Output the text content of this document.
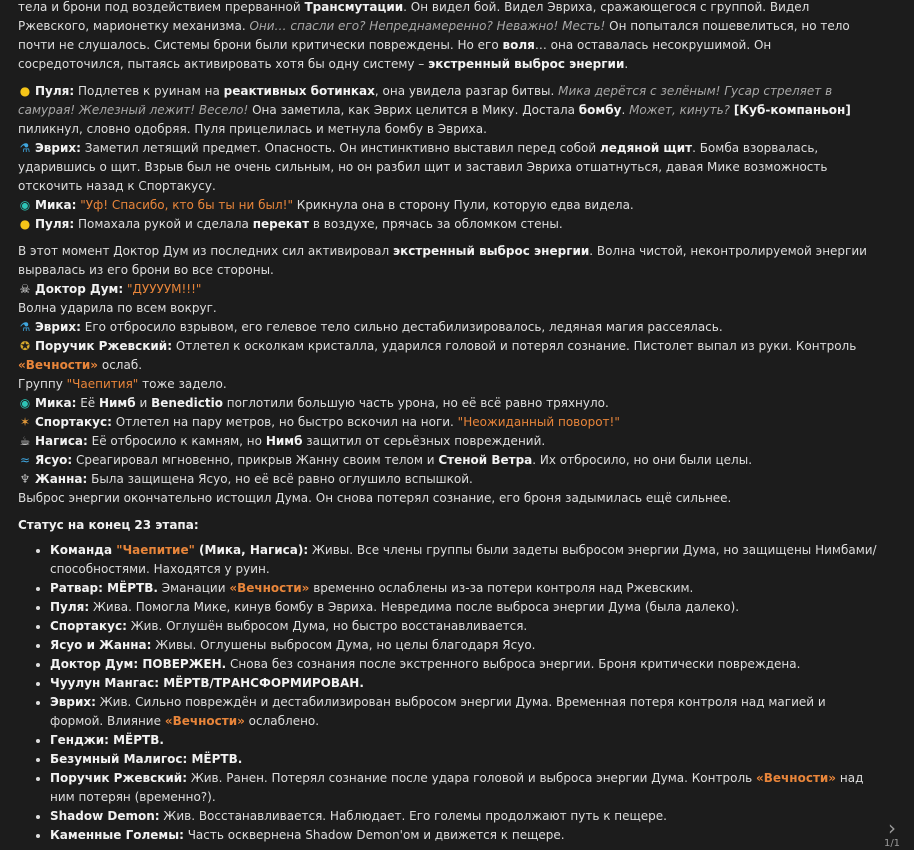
тела и брони под воздействием прерванной Трансмутации. Он видел бой. Видел Эвриха, сражающегося с группой. Видел Ржевского, марионетку механизма. Они… спасли его? Непреднамеренно? Неважно! Месть! Он попытался пошевелиться, но тело почти не слушалось. Системы брони были критически повреждены. Но его воля… она оставалась несокрушимой. Он сосредоточился, пытаясь активировать хотя бы одну систему – экстренный выброс энергии.

● Пуля: Подлетев к руинам на реактивных ботинках, она увидела разгар битвы. Мика дерётся с зелёным! Гусар стреляет в самурая! Железный лежит! Весело! Она заметила, как Эврих целится в Мику. Достала бомбу. Может, кинуть? [Куб-компаньон] пиликнул, словно одобряя. Пуля прицелилась и метнула бомбу в Эвриха.

⚗ Эврих: Заметил летящий предмет. Опасность. Он инстинктивно выставил перед собой ледяной щит. Бомба взорвалась, ударившись о щит. Взрыв был не очень сильным, но он разбил щит и заставил Эвриха отшатнуться, давая Мике возможность отскочить назад к Спортакусу.

◉ Мика: "Уф! Спасибо, кто бы ты ни был!" Крикнула она в сторону Пули, которую едва видела.

● Пуля: Помахала рукой и сделала перекат в воздухе, прячась за обломком стены.

В этот момент Доктор Дум из последних сил активировал экстренный выброс энергии. Волна чистой, неконтролируемой энергии вырвалась из его брони во все стороны.

☠ Доктор Дум: "ДУУУУМ!!!"

Волна ударила по всем вокруг.

⚗ Эврих: Его отбросило взрывом, его гелевое тело сильно дестабилизировалось, ледяная магия рассеялась.

✪ Поручик Ржевский: Отлетел к осколкам кристалла, ударился головой и потерял сознание. Пистолет выпал из руки. Контроль «Вечности» ослаб.

Группу "Чаепития" тоже задело.

◉ Мика: Её Нимб и Benedictio поглотили большую часть урона, но её всё равно тряхнуло.

✶ Спортакус: Отлетел на пару метров, но быстро вскочил на ноги. "Неожиданный поворот!"

☕ Нагиса: Её отбросило к камням, но Нимб защитил от серьёзных повреждений.

≈ Ясуо: Среагировал мгновенно, прикрыв Жанну своим телом и Стеной Ветра. Их отбросило, но они были целы.

♆ Жанна: Была защищена Ясуо, но её всё равно оглушило вспышкой.

Выброс энергии окончательно истощил Дума. Он снова потерял сознание, его броня задымилась ещё сильнее.

Статус на конец 23 этапа:

• Команда "Чаепитие" (Мика, Нагиса): Живы. Все члены группы были задеты выбросом энергии Дума, но защищены Нимбами/способностями. Находятся у руин.
• Ратвар: МЁРТВ. Эманации «Вечности» временно ослаблены из-за потери контроля над Ржевским.
• Пуля: Жива. Помогла Мике, кинув бомбу в Эвриха. Невредима после выброса энергии Дума (была далеко).
• Спортакус: Жив. Оглушён выбросом Дума, но быстро восстанавливается.
• Ясуо и Жанна: Живы. Оглушены выбросом Дума, но целы благодаря Ясуо.
• Доктор Дум: ПОВЕРЖЕН. Снова без сознания после экстренного выброса энергии. Броня критически повреждена.
• Чуулун Мангас: МЁРТВ/ТРАНСФОРМИРОВАН.
• Эврих: Жив. Сильно повреждён и дестабилизирован выбросом энергии Дума. Временная потеря контроля над магией и формой. Влияние «Вечности» ослаблено.
• Генджи: МЁРТВ.
• Безумный Малигос: МЁРТВ.
• Поручик Ржевский: Жив. Ранен. Потерял сознание после удара головой и выброса энергии Дума. Контроль «Вечности» над ним потерян (временно?).
• Shadow Demon: Жив. Восстанавливается. Наблюдает. Его големы продолжают путь к пещере.
• Каменные Големы: Часть осквернена Shadow Demon'ом и движется к пещере.	›
1/1
